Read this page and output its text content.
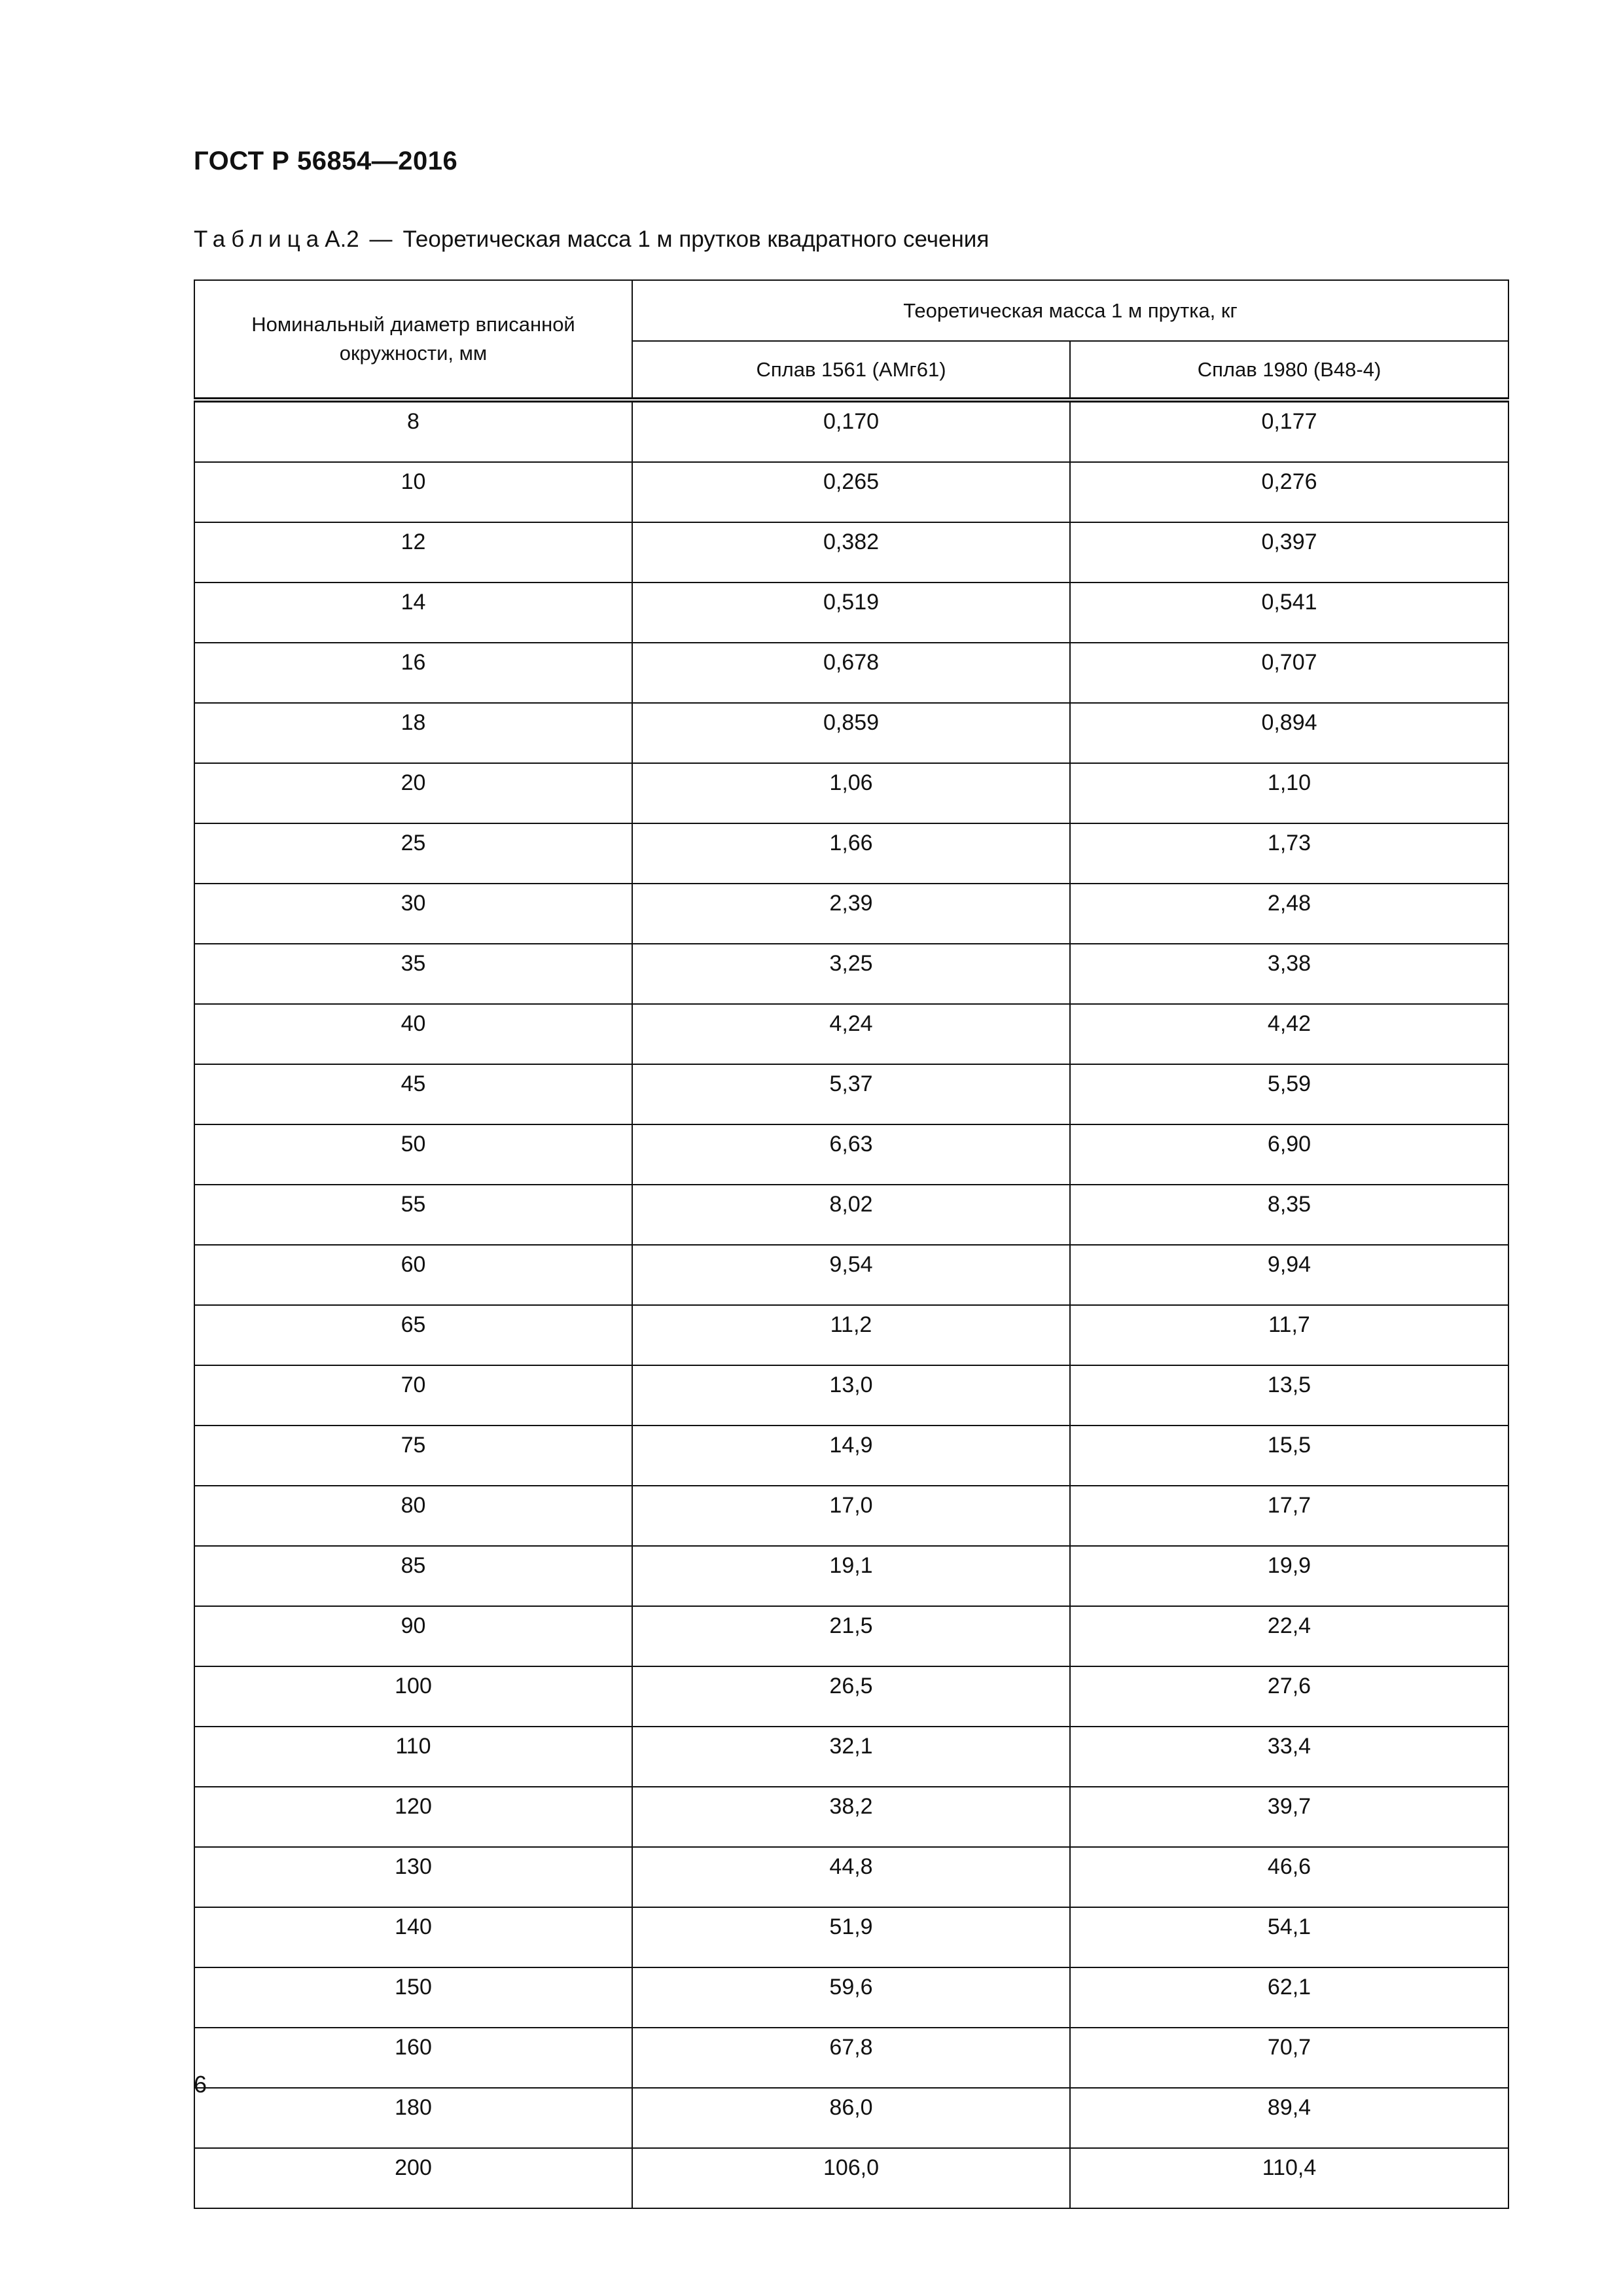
ГОСТ Р 56854—2016
ТаблицаА.2 — Теоретическая масса 1 м прутков квадратного сечения
Номинальный диаметр вписанной окружности, мм	Теоретическая масса 1 м прутка, кг	
	Сплав 1561 (АМг61)	Сплав 1980 (В48-4)
8	0,170	0,177
10	0,265	0,276
12	0,382	0,397
14	0,519	0,541
16	0,678	0,707
18	0,859	0,894
20	1,06	1,10
25	1,66	1,73
30	2,39	2,48
35	3,25	3,38
40	4,24	4,42
45	5,37	5,59
50	6,63	6,90
55	8,02	8,35
60	9,54	9,94
65	11,2	11,7
70	13,0	13,5
75	14,9	15,5
80	17,0	17,7
85	19,1	19,9
90	21,5	22,4
100	26,5	27,6
110	32,1	33,4
120	38,2	39,7
130	44,8	46,6
140	51,9	54,1
150	59,6	62,1
160	67,8	70,7
180	86,0	89,4
200	106,0	110,4
6
